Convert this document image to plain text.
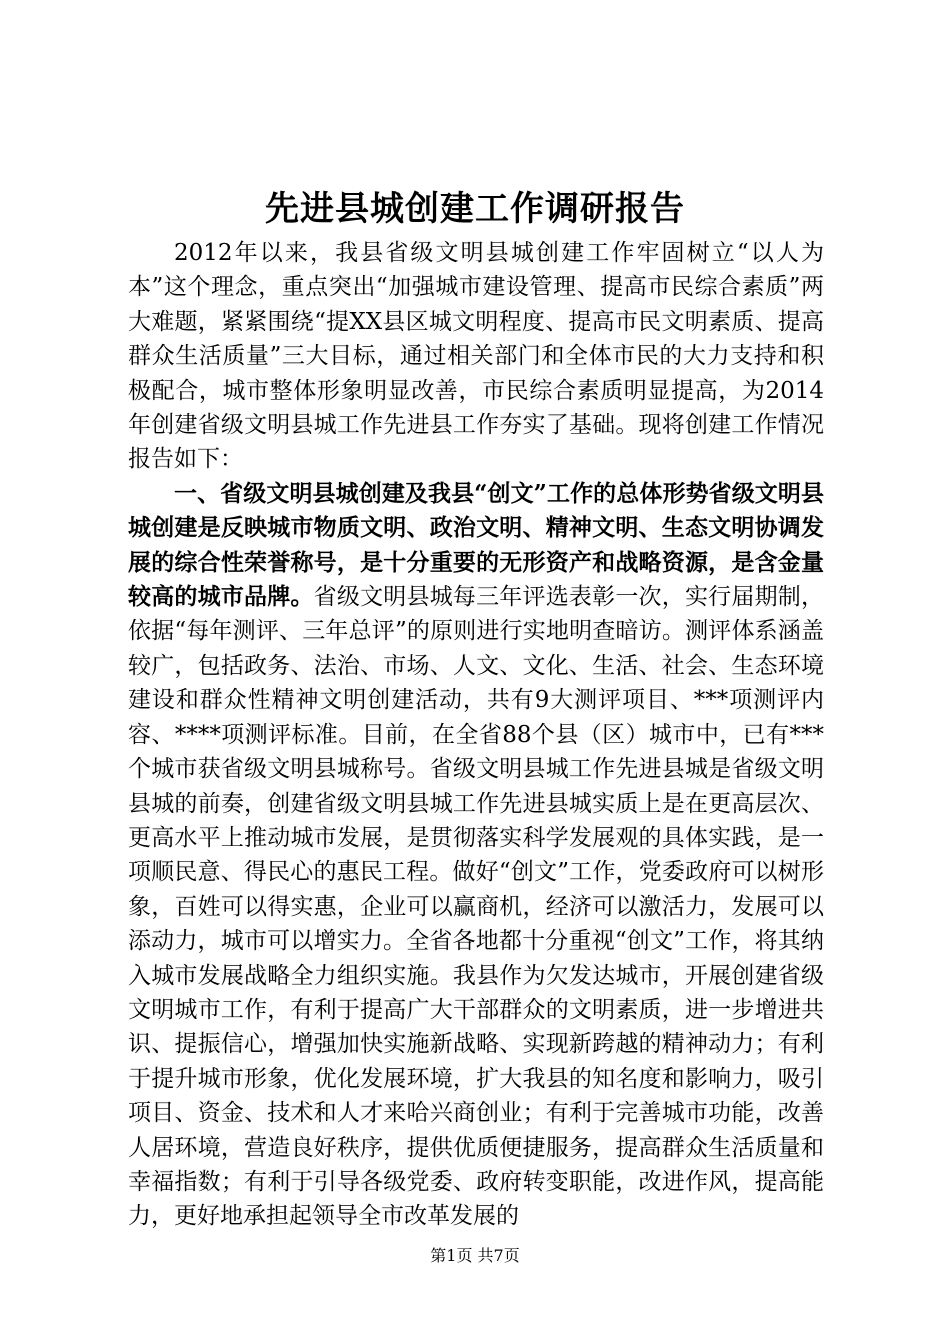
先进县城创建工作调研报告

2012年以来，我县省级文明县城创建工作牢固树立“以人为本”这个理念，重点突出“加强城市建设管理、提高市民综合素质”两大难题，紧紧围绕“提XX县区城文明程度、提高市民文明素质、提高群众生活质量”三大目标，通过相关部门和全体市民的大力支持和积极配合，城市整体形象明显改善，市民综合素质明显提高，为2014年创建省级文明县城工作先进县工作夯实了基础。现将创建工作情况报告如下：

一、省级文明县城创建及我县“创文”工作的总体形势省级文明县城创建是反映城市物质文明、政治文明、精神文明、生态文明协调发展的综合性荣誉称号，是十分重要的无形资产和战略资源，是含金量较高的城市品牌。省级文明县城每三年评选表彰一次，实行届期制，依据“每年测评、三年总评”的原则进行实地明查暗访。测评体系涵盖较广，包括政务、法治、市场、人文、文化、生活、社会、生态环境建设和群众性精神文明创建活动，共有9大测评项目、***项测评内容、****项测评标准。目前，在全省88个县（区）城市中，已有***个城市获省级文明县城称号。省级文明县城工作先进县城是省级文明县城的前奏，创建省级文明县城工作先进县城实质上是在更高层次、更高水平上推动城市发展，是贯彻落实科学发展观的具体实践，是一项顺民意、得民心的惠民工程。做好“创文”工作，党委政府可以树形象，百姓可以得实惠，企业可以赢商机，经济可以激活力，发展可以添动力，城市可以增实力。全省各地都十分重视“创文”工作，将其纳入城市发展战略全力组织实施。我县作为欠发达城市，开展创建省级文明城市工作，有利于提高广大干部群众的文明素质，进一步增进共识、提振信心，增强加快实施新战略、实现新跨越的精神动力；有利于提升城市形象，优化发展环境，扩大我县的知名度和影响力，吸引项目、资金、技术和人才来哈兴商创业；有利于完善城市功能，改善人居环境，营造良好秩序，提供优质便捷服务，提高群众生活质量和幸福指数；有利于引导各级党委、政府转变职能，改进作风，提高能力，更好地承担起领导全市改革发展的

第1页 共7页
